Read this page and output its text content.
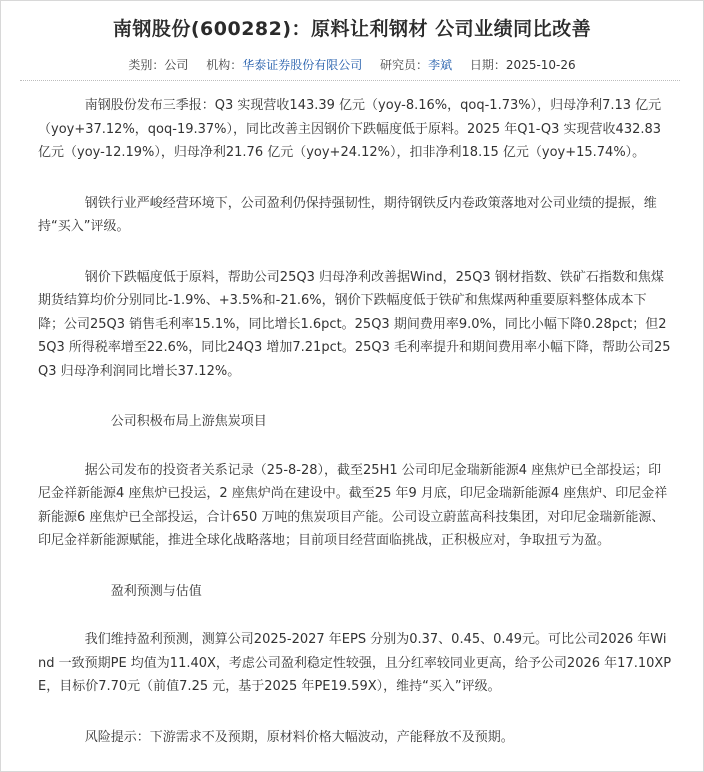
南钢股份(600282)：原料让利钢材 公司业绩同比改善
类别：公司 机构：华泰证券股份有限公司 研究员：李斌 日期：2025-10-26

南钢股份发布三季报：Q3 实现营收143.39 亿元（yoy-8.16%，qoq-1.73%），归母净利7.13 亿元（yoy+37.12%，qoq-19.37%），同比改善主因钢价下跌幅度低于原料。2025 年Q1-Q3 实现营收432.83 亿元（yoy-12.19%），归母净利21.76 亿元（yoy+24.12%），扣非净利18.15 亿元（yoy+15.74%）。

钢铁行业严峻经营环境下，公司盈利仍保持强韧性，期待钢铁反内卷政策落地对公司业绩的提振，维持“买入”评级。

钢价下跌幅度低于原料，帮助公司25Q3 归母净利改善据Wind，25Q3 钢材指数、铁矿石指数和焦煤期货结算均价分别同比-1.9%、+3.5%和-21.6%，钢价下跌幅度低于铁矿和焦煤两种重要原料整体成本下降；公司25Q3 销售毛利率15.1%，同比增长1.6pct。25Q3 期间费用率9.0%，同比小幅下降0.28pct；但25Q3 所得税率增至22.6%，同比24Q3 增加7.21pct。25Q3 毛利率提升和期间费用率小幅下降，帮助公司25Q3 归母净利润同比增长37.12%。

公司积极布局上游焦炭项目

据公司发布的投资者关系记录（25-8-28），截至25H1 公司印尼金瑞新能源4 座焦炉已全部投运；印尼金祥新能源4 座焦炉已投运，2 座焦炉尚在建设中。截至25 年9 月底，印尼金瑞新能源4 座焦炉、印尼金祥新能源6 座焦炉已全部投运，合计650 万吨的焦炭项目产能。公司设立蔚蓝高科技集团，对印尼金瑞新能源、印尼金祥新能源赋能，推进全球化战略落地；目前项目经营面临挑战，正积极应对，争取扭亏为盈。

盈利预测与估值

我们维持盈利预测，测算公司2025-2027 年EPS 分别为0.37、0.45、0.49元。可比公司2026 年Wind 一致预期PE 均值为11.40X，考虑公司盈利稳定性较强，且分红率较同业更高，给予公司2026 年17.10XPE，目标价7.70元（前值7.25 元，基于2025 年PE19.59X），维持“买入”评级。

风险提示：下游需求不及预期，原材料价格大幅波动，产能释放不及预期。
